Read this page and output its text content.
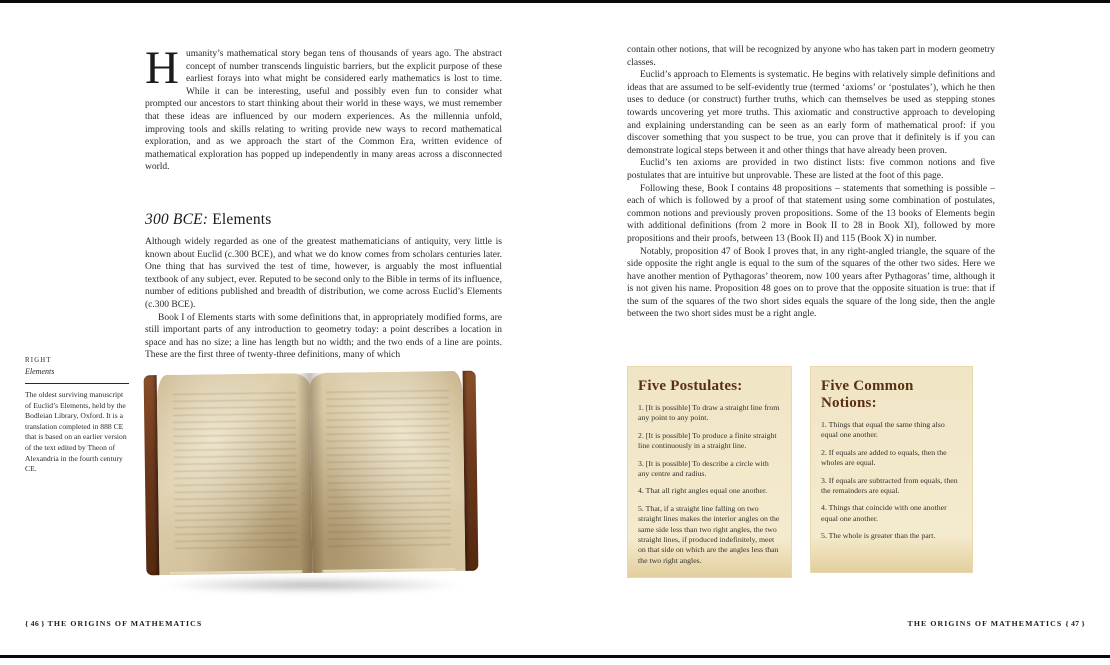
Humanity’s mathematical story began tens of thousands of years ago. The abstract concept of number transcends linguistic barriers, but the explicit purpose of these earliest forays into what might be considered early mathematics is lost to time. While it can be interesting, useful and possibly even fun to consider what prompted our ancestors to start thinking about their world in these ways, we must remember that these ideas are influenced by our modern experiences. As the millennia unfold, improving tools and skills relating to writing provide new ways to record mathematical exploration, and as we approach the start of the Common Era, written evidence of mathematical exploration has popped up independently in many areas across a disconnected world.

300 BCE: Elements

Although widely regarded as one of the greatest mathematicians of antiquity, very little is known about Euclid (c.300 BCE), and what we do know comes from scholars centuries later. One thing that has survived the test of time, however, is arguably the most influential textbook of any subject, ever. Reputed to be second only to the Bible in terms of its influence, number of editions published and breadth of distribution, we come across Euclid’s Elements (c.300 BCE).

Book I of Elements starts with some definitions that, in appropriately modified forms, are still important parts of any introduction to geometry today: a point describes a location in space and has no size; a line has length but no width; and the two ends of a line are points. These are the first three of twenty-three definitions, many of which

RIGHT
Elements
The oldest surviving manuscript of Euclid’s Elements, held by the Bodleian Library, Oxford. It is a translation completed in 888 CE that is based on an earlier version of the text edited by Theon of Alexandria in the fourth century CE.

contain other notions, that will be recognized by anyone who has taken part in modern geometry classes.

Euclid’s approach to Elements is systematic. He begins with relatively simple definitions and ideas that are assumed to be self-evidently true (termed ‘axioms’ or ‘postulates’), which he then uses to deduce (or construct) further truths, which can themselves be used as stepping stones towards uncovering yet more truths. This axiomatic and constructive approach to developing and explaining understanding can be seen as an early form of mathematical proof: if you discover something that you suspect to be true, you can prove that it definitely is if you can demonstrate logical steps between it and other things that have already been proven.

Euclid’s ten axioms are provided in two distinct lists: five common notions and five postulates that are intuitive but unprovable. These are listed at the foot of this page.

Following these, Book I contains 48 propositions – statements that something is possible – each of which is followed by a proof of that statement using some combination of postulates, common notions and previously proven propositions. Some of the 13 books of Elements begin with additional definitions (from 2 more in Book II to 28 in Book XI), followed by more propositions and their proofs, between 13 (Book II) and 115 (Book X) in number.

Notably, proposition 47 of Book I proves that, in any right-angled triangle, the square of the side opposite the right angle is equal to the sum of the squares of the other two sides. Here we have another mention of Pythagoras’ theorem, now 100 years after Pythagoras’ time, although it is not given his name. Proposition 48 goes on to prove that the opposite situation is true: that if the sum of the squares of the two short sides equals the square of the long side, then the angle between the two short sides must be a right angle.

Five Postulates:

1. [It is possible] To draw a straight line from any point to any point.

2. [It is possible] To produce a finite straight line continuously in a straight line.

3. [It is possible] To describe a circle with any centre and radius.

4. That all right angles equal one another.

5. That, if a straight line falling on two straight lines makes the interior angles on the same side less than two right angles, the two straight lines, if produced indefinitely, meet on that side on which are the angles less than the two right angles.

Five Common Notions:

1. Things that equal the same thing also equal one another.

2. If equals are added to equals, then the wholes are equal.

3. If equals are subtracted from equals, then the remainders are equal.

4. Things that coincide with one another equal one another.

5. The whole is greater than the part.

{ 46 } THE ORIGINS OF MATHEMATICS	THE ORIGINS OF MATHEMATICS { 47 }
